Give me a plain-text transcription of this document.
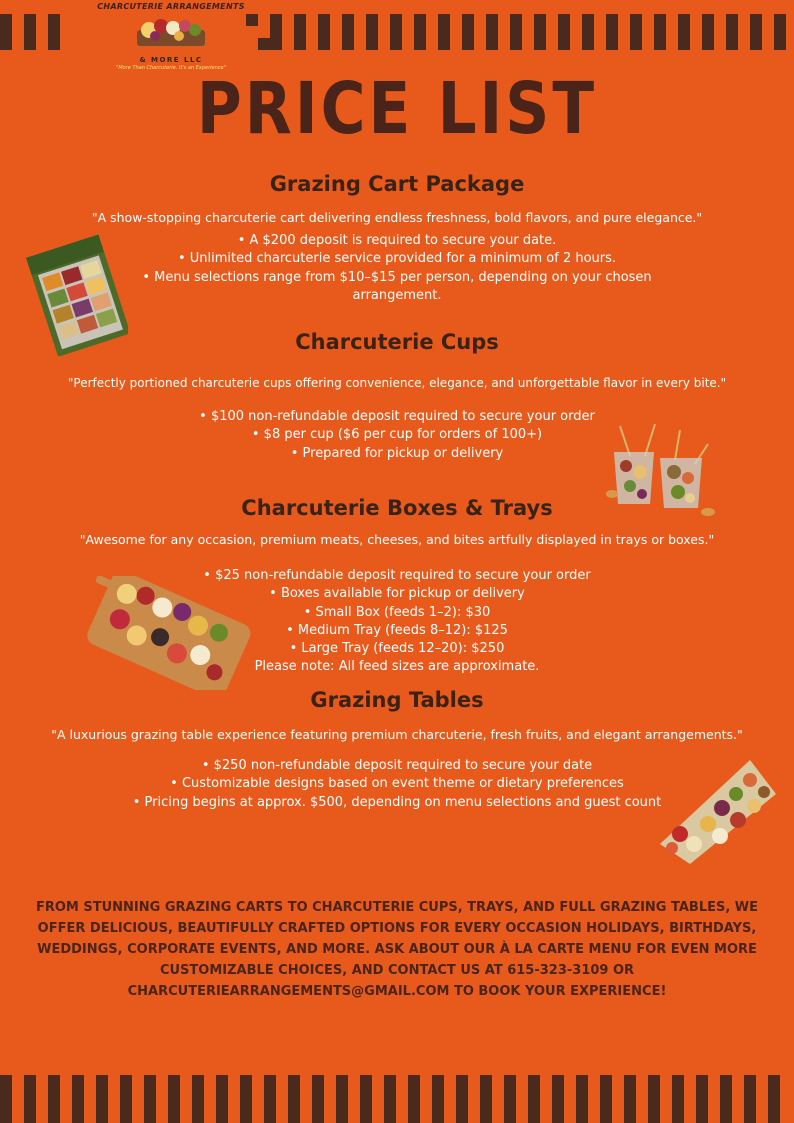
CHARCUTERIE ARRANGEMENTS
& MORE LLC
"More Than Charcuterie. It's an Experience"
PRICE LIST
Grazing Cart Package
"A show-stopping charcuterie cart delivering endless freshness, bold flavors, and pure elegance."
• A $200 deposit is required to secure your date.
• Unlimited charcuterie service provided for a minimum of 2 hours.
• Menu selections range from $10–$15 per person, depending on your chosen
arrangement.
Charcuterie Cups
"Perfectly portioned charcuterie cups offering convenience, elegance, and unforgettable flavor in every bite."
• $100 non-refundable deposit required to secure your order
• $8 per cup ($6 per cup for orders of 100+)
• Prepared for pickup or delivery
Charcuterie Boxes & Trays
"Awesome for any occasion, premium meats, cheeses, and bites artfully displayed in trays or boxes."
• $25 non-refundable deposit required to secure your order
• Boxes available for pickup or delivery
• Small Box (feeds 1–2): $30
• Medium Tray (feeds 8–12): $125
• Large Tray (feeds 12–20): $250
Please note: All feed sizes are approximate.
Grazing Tables
"A luxurious grazing table experience featuring premium charcuterie, fresh fruits, and elegant arrangements."
• $250 non-refundable deposit required to secure your date
• Customizable designs based on event theme or dietary preferences
• Pricing begins at approx. $500, depending on menu selections and guest count
FROM STUNNING GRAZING CARTS TO CHARCUTERIE CUPS, TRAYS, AND FULL GRAZING TABLES, WE OFFER DELICIOUS, BEAUTIFULLY CRAFTED OPTIONS FOR EVERY OCCASION HOLIDAYS, BIRTHDAYS, WEDDINGS, CORPORATE EVENTS, AND MORE. ASK ABOUT OUR À LA CARTE MENU FOR EVEN MORE CUSTOMIZABLE CHOICES, AND CONTACT US AT 615-323-3109 OR CHARCUTERIEARRANGEMENTS@GMAIL.COM TO BOOK YOUR EXPERIENCE!
